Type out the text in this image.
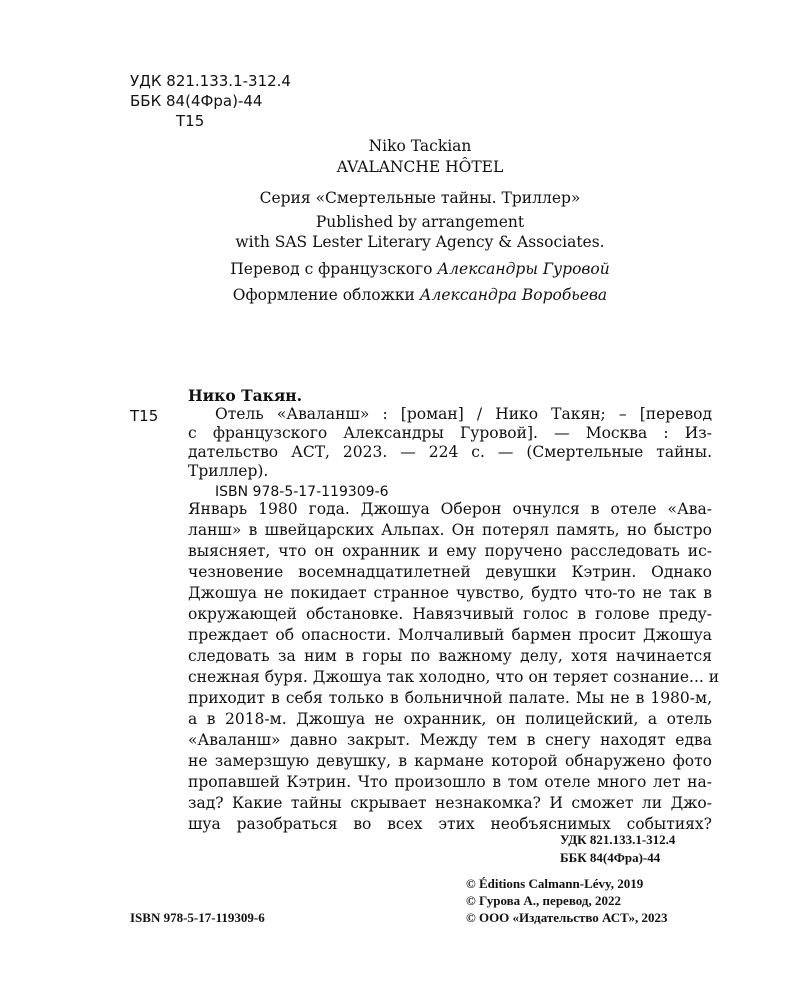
УДК 821.133.1-312.4
ББК 84(4Фра)-44
Т15
Niko Tackian
AVALANCHE HÔTEL
Серия «Смертельные тайны. Триллер»
Published by arrangement
with SAS Lester Literary Agency & Associates.
Перевод с французского Александры Гуровой
Оформление обложки Александра Воробьева
Нико Такян.
Т15	Отель «Аваланш» : [роман] / Нико Такян; – [перевод
с французского Александры Гуровой]. — Москва : Из-
дательство АСТ, 2023. — 224 с. — (Смертельные тайны.
Триллер).
ISBN 978-5-17-119309-6
Январь 1980 года. Джошуа Оберон очнулся в отеле «Ава-
ланш» в швейцарских Альпах. Он потерял память, но быстро
выясняет, что он охранник и ему поручено расследовать ис-
чезновение восемнадцатилетней девушки Кэтрин. Однако
Джошуа не покидает странное чувство, будто что-то не так в
окружающей обстановке. Навязчивый голос в голове преду-
преждает об опасности. Молчаливый бармен просит Джошуа
следовать за ним в горы по важному делу, хотя начинается
снежная буря. Джошуа так холодно, что он теряет сознание... и
приходит в себя только в больничной палате. Мы не в 1980-м,
а в 2018-м. Джошуа не охранник, он полицейский, а отель
«Аваланш» давно закрыт. Между тем в снегу находят едва
не замерзшую девушку, в кармане которой обнаружено фото
пропавшей Кэтрин. Что произошло в том отеле много лет на-
зад? Какие тайны скрывает незнакомка? И сможет ли Джо-
шуа разобраться во всех этих необъяснимых событиях?
УДК 821.133.1-312.4
ББК 84(4Фра)-44
ISBN 978-5-17-119309-6
© Éditions Calmann-Lévy, 2019
© Гурова А., перевод, 2022
© ООО «Издательство АСТ», 2023
